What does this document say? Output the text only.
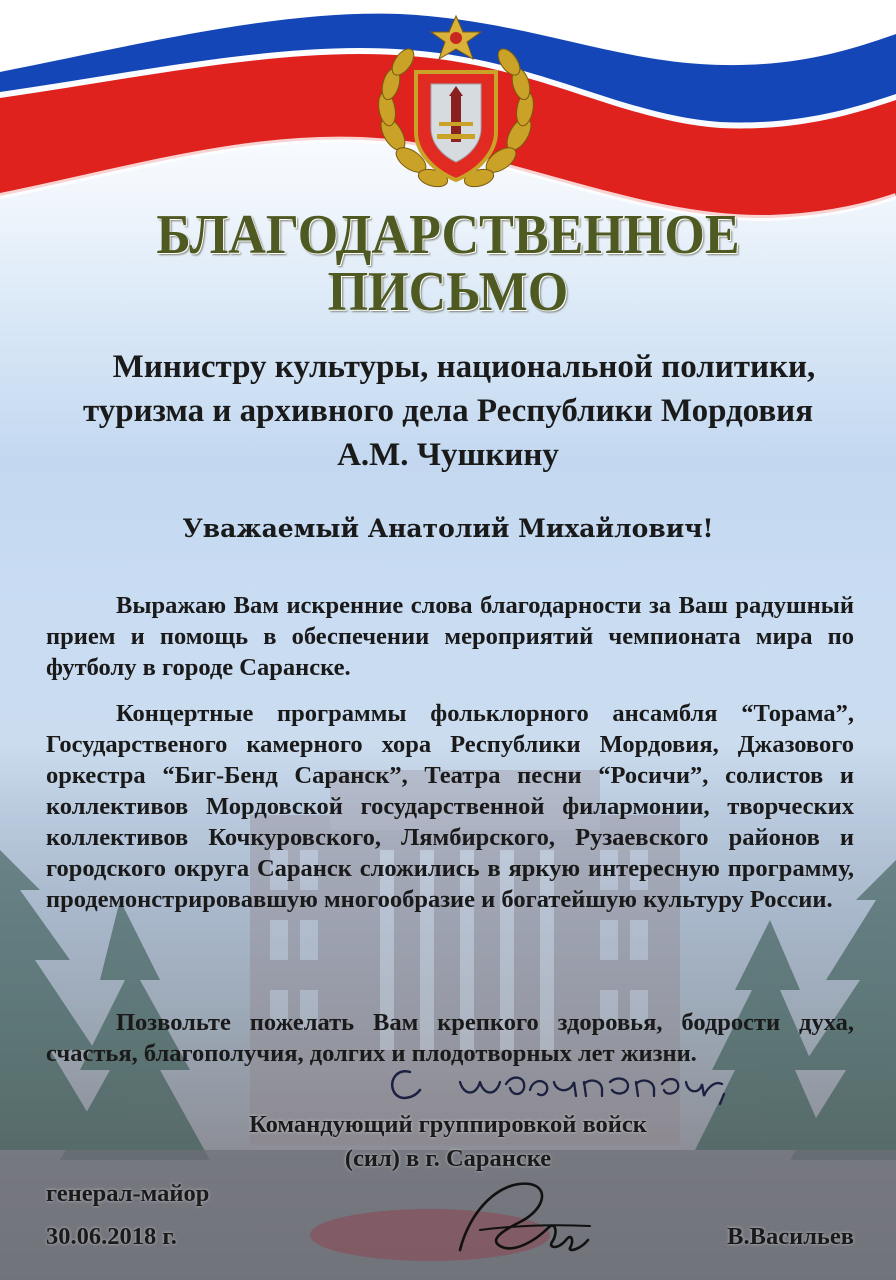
БЛАГОДАРСТВЕННОЕ
ПИСЬМО
Министру культуры, национальной политики,
туризма и архивного дела Республики Мордовия
А.М. Чушкину
Уважаемый Анатолий Михайлович!

Выражаю Вам искренние слова благодарности за Ваш радушный прием и помощь в обеспечении мероприятий чемпионата мира по футболу в городе Саранске.

Концертные программы фольклорного ансамбля “Торама”, Государственого камерного хора Республики Мордовия, Джазового оркестра “Биг-Бенд Саранск”, Театра песни “Росичи”, солистов и коллективов Мордовской государственной филармонии, творческих коллективов Кочкуровского, Лямбирского, Рузаевского районов и городского округа Саранск сложились в яркую интересную программу, продемонстрировавшую многообразие и богатейшую культуру России.

Позвольте пожелать Вам крепкого здоровья, бодрости духа, счастья, благополучия, долгих и плодотворных лет жизни.

Командующий группировкой войск
(сил) в г. Саранске
генерал-майор
30.06.2018 г.	В.Васильев
